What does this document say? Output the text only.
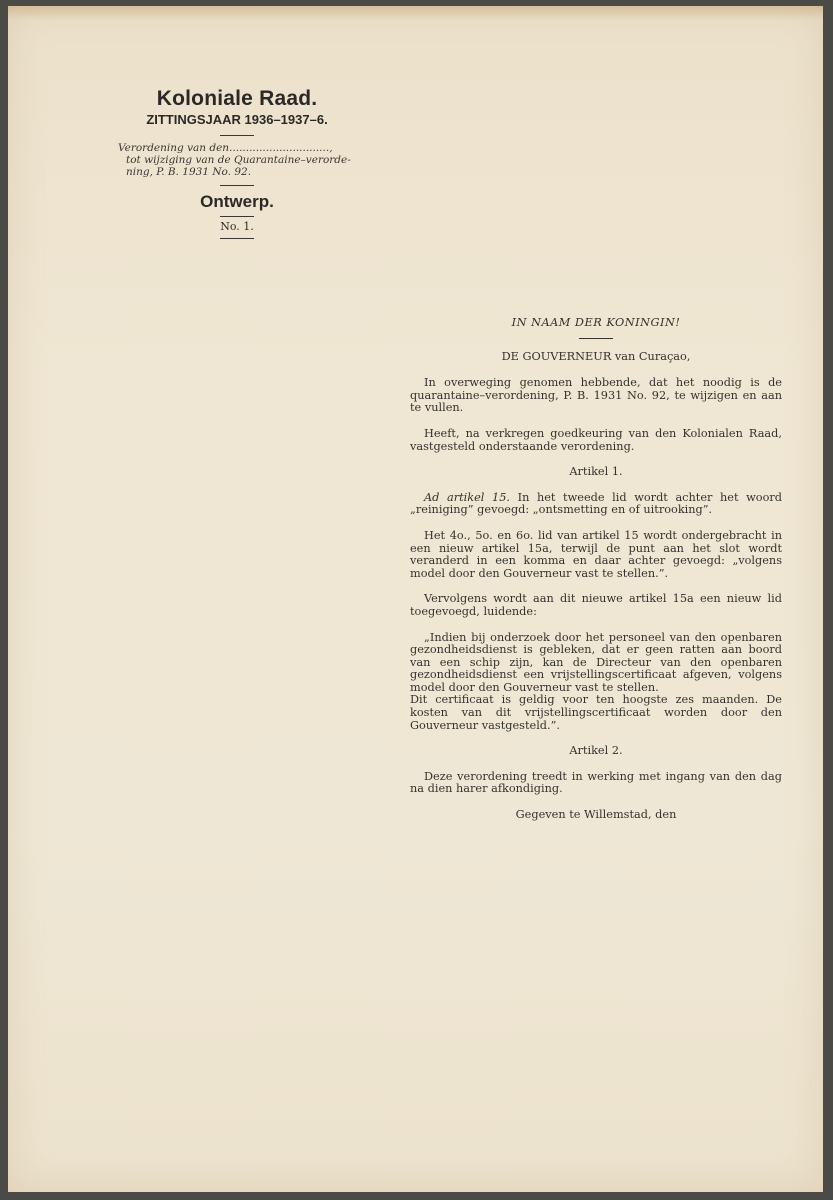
Koloniale Raad.
ZITTINGSJAAR 1936–1937–6.
Verordening van den..............................,
tot wijziging van de Quarantaine–verorde-
ning, P. B. 1931 No. 92.
Ontwerp.
No. 1.
IN NAAM DER KONINGIN!
DE GOUVERNEUR van Curaçao,
In overweging genomen hebbende, dat het noodig is de quarantaine–verordening, P. B. 1931 No. 92, te wijzigen en aan te vullen.
Heeft, na verkregen goedkeuring van den Kolonialen Raad, vastgesteld onderstaande verordening.
Artikel 1.
Ad artikel 15. In het tweede lid wordt achter het woord „reiniging” gevoegd: „ontsmetting en of uitrooking”.
Het 4o., 5o. en 6o. lid van artikel 15 wordt ondergebracht in een nieuw artikel 15a, terwijl de punt aan het slot wordt veranderd in een komma en daar achter gevoegd: „volgens model door den Gouverneur vast te stellen.”.
Vervolgens wordt aan dit nieuwe artikel 15a een nieuw lid toegevoegd, luidende:
„Indien bij onderzoek door het personeel van den openbaren gezondheidsdienst is gebleken, dat er geen ratten aan boord van een schip zijn, kan de Directeur van den openbaren gezondheidsdienst een vrijstellingscertificaat afgeven, volgens model door den Gouverneur vast te stellen.
Dit certificaat is geldig voor ten hoogste zes maanden. De kosten van dit vrijstellingscertificaat worden door den Gouverneur vastgesteld.”.
Artikel 2.
Deze verordening treedt in werking met ingang van den dag na dien harer afkondiging.
Gegeven te Willemstad, den
